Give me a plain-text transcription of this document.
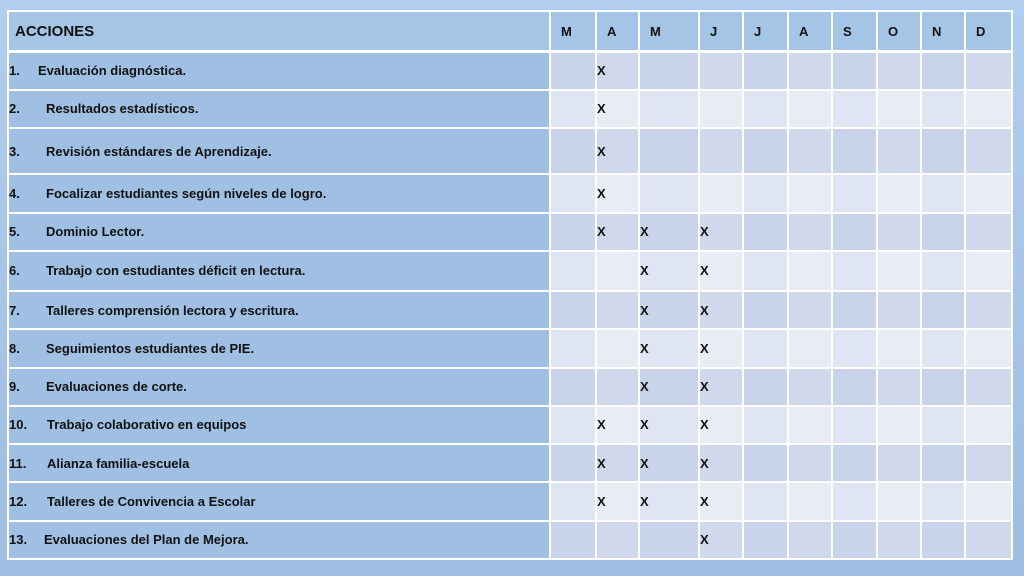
ACCIONES	M	A	M	J	J	A	S	O	N	D
1. Evaluación diagnóstica.		X								
2. Resultados estadísticos.		X								
3. Revisión estándares de Aprendizaje.		X								
4. Focalizar estudiantes según niveles de logro.		X								
5. Dominio Lector.		X	X	X						
6. Trabajo con estudiantes déficit en lectura.			X	X						
7. Talleres comprensión lectora y escritura.			X	X						
8. Seguimientos estudiantes de PIE.			X	X						
9. Evaluaciones de corte.			X	X						
10. Trabajo colaborativo en equipos		X	X	X						
11. Alianza familia-escuela		X	X	X						
12. Talleres de Convivencia a Escolar		X	X	X						
13. Evaluaciones del Plan de Mejora.				X						
